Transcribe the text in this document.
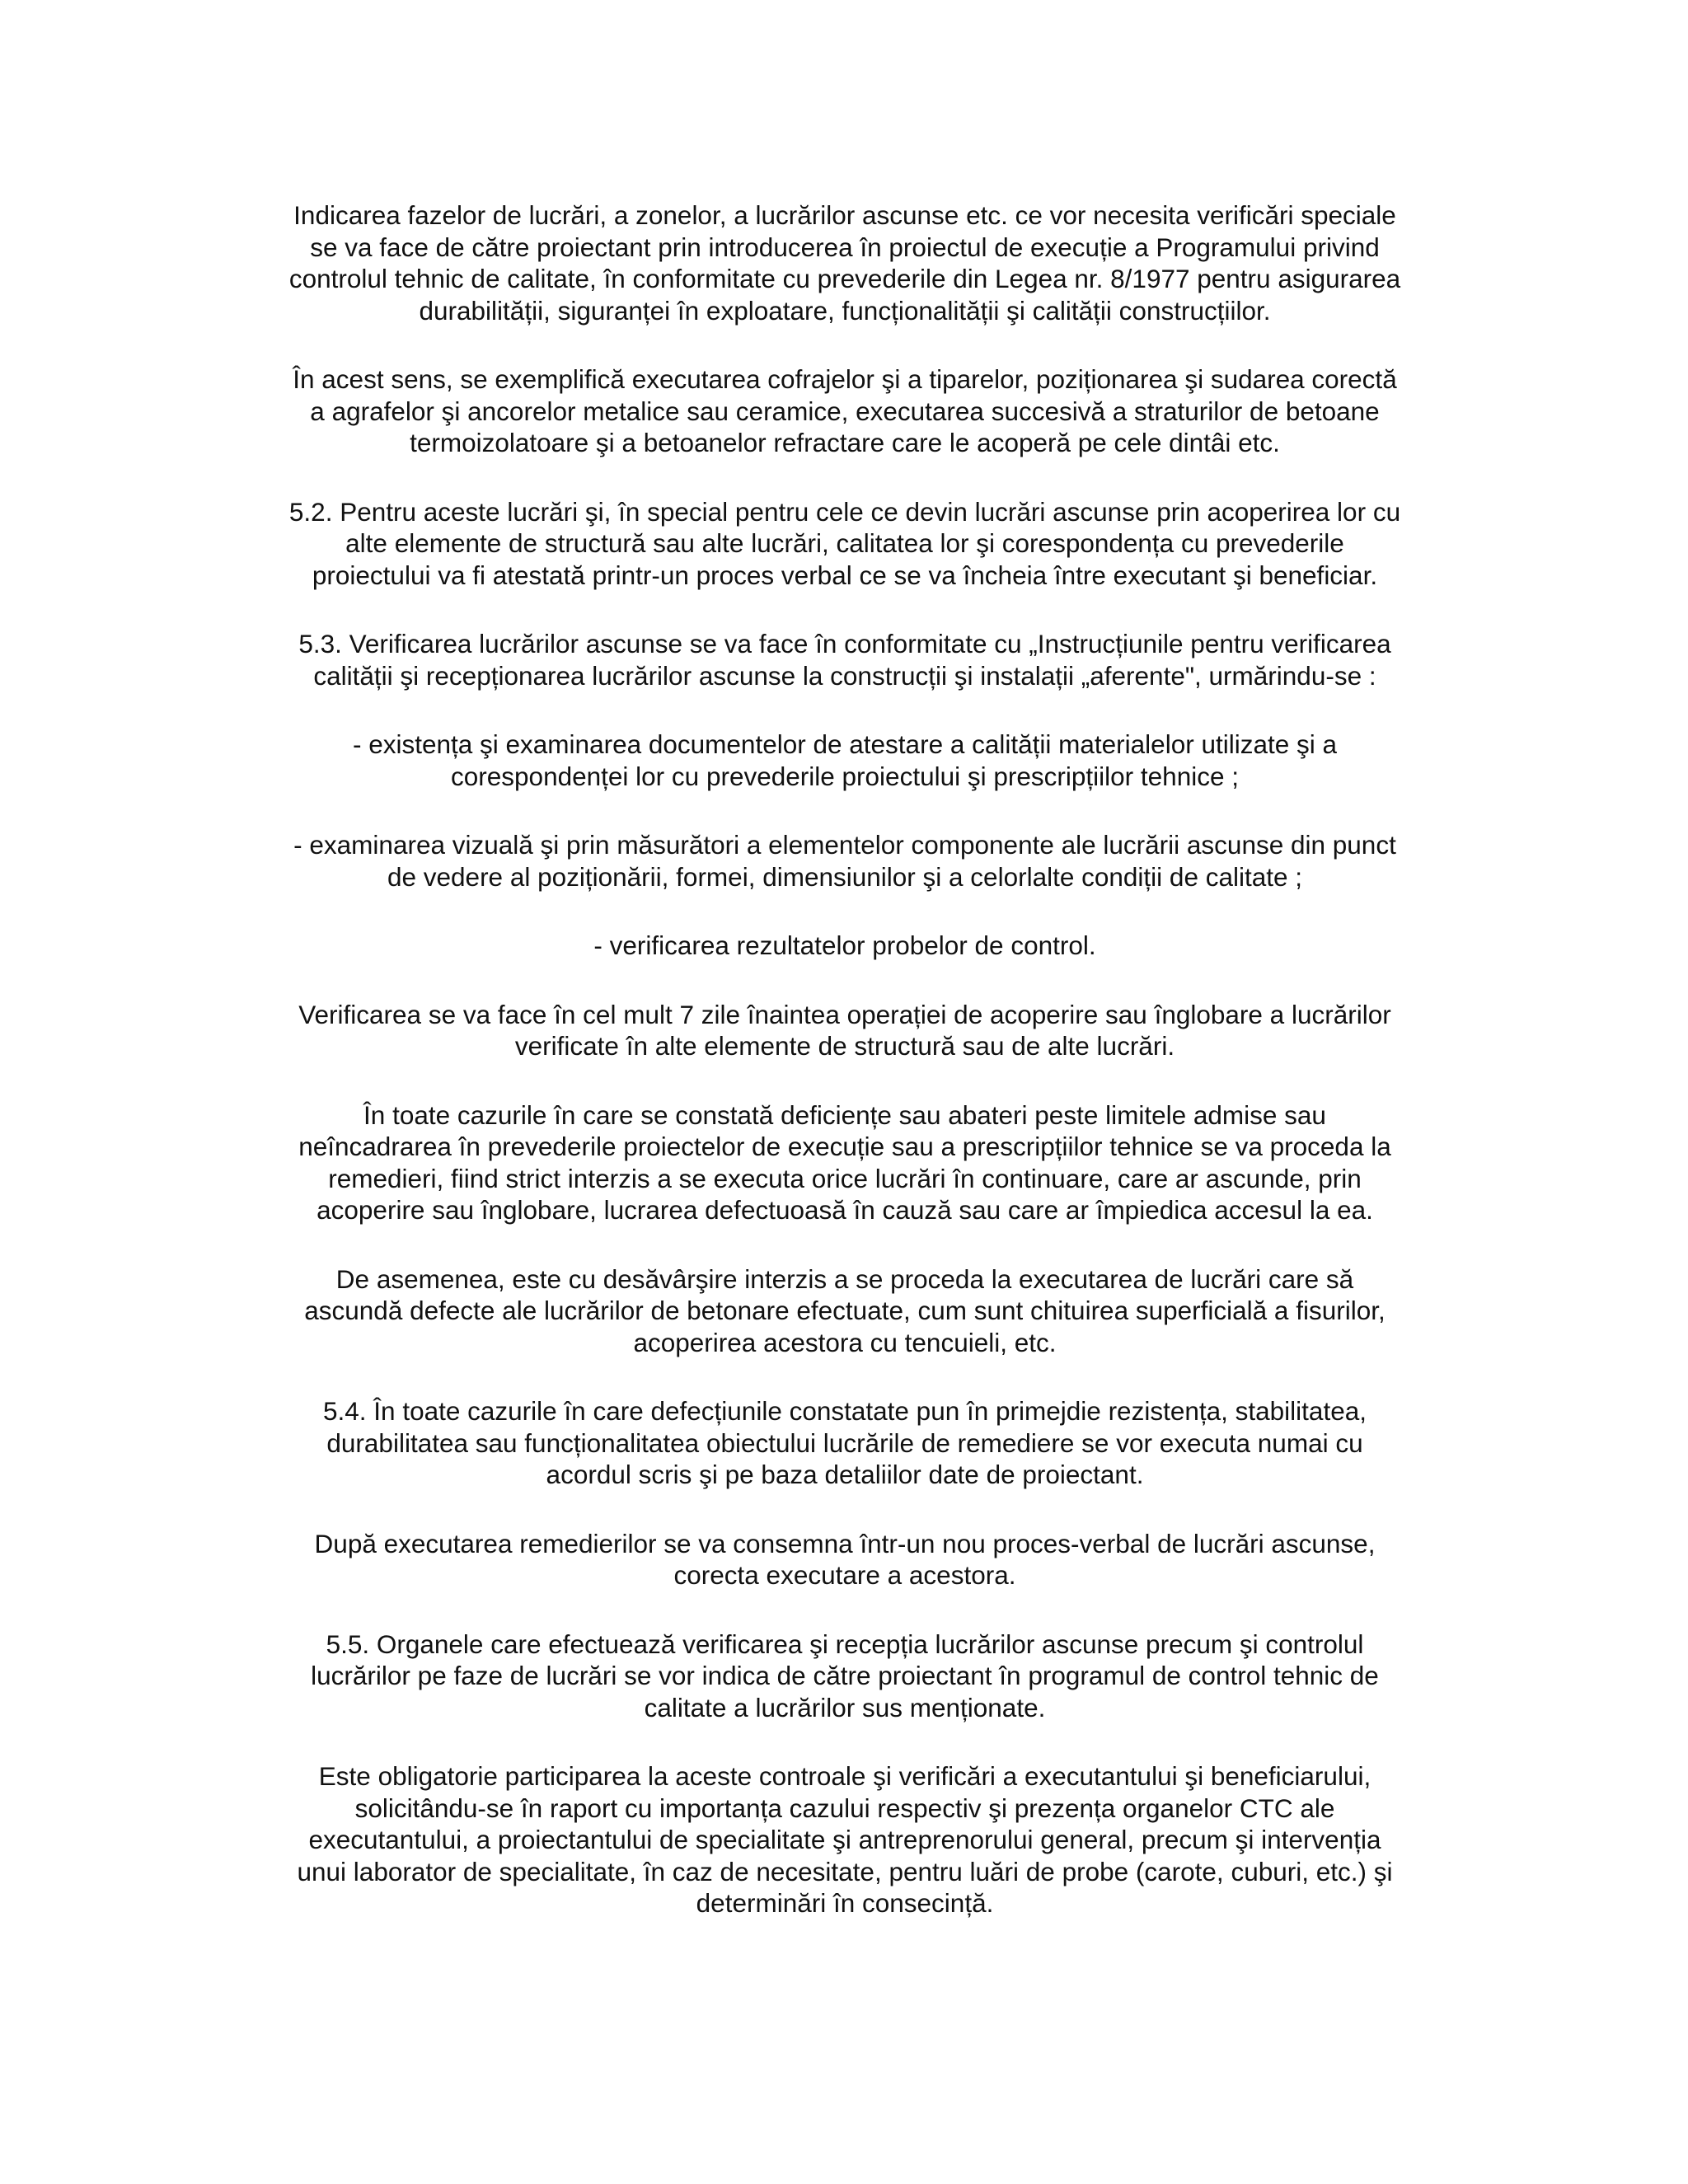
Indicarea fazelor de lucrări, a zonelor, a lucrărilor ascunse etc. ce vor necesita verificări speciale
se va face de către proiectant prin introducerea în proiectul de execuție a Programului privind
controlul tehnic de calitate, în conformitate cu prevederile din Legea nr. 8/1977 pentru asigurarea
durabilității, siguranței în exploatare, funcționalității şi calității construcțiilor.

În acest sens, se exemplifică executarea cofrajelor şi a tiparelor, poziționarea şi sudarea corectă
a agrafelor şi ancorelor metalice sau ceramice, executarea succesivă a straturilor de betoane
termoizolatoare şi a betoanelor refractare care le acoperă pe cele dintâi etc.

5.2. Pentru aceste lucrări şi, în special pentru cele ce devin lucrări ascunse prin acoperirea lor cu
alte elemente de structură sau alte lucrări, calitatea lor şi corespondența cu prevederile
proiectului va fi atestată printr-un proces verbal ce se va încheia între executant şi beneficiar.

5.3. Verificarea lucrărilor ascunse se va face în conformitate cu „Instrucțiunile pentru verificarea
calității şi recepționarea lucrărilor ascunse la construcții şi instalații „aferente", urmărindu-se :

- existența şi examinarea documentelor de atestare a calității materialelor utilizate şi a
corespondenței lor cu prevederile proiectului şi prescripțiilor tehnice ;

- examinarea vizuală şi prin măsurători a elementelor componente ale lucrării ascunse din punct
de vedere al poziționării, formei, dimensiunilor şi a celorlalte condiții de calitate ;

- verificarea rezultatelor probelor de control.

Verificarea se va face în cel mult 7 zile înaintea operației de acoperire sau înglobare a lucrărilor
verificate în alte elemente de structură sau de alte lucrări.

În toate cazurile în care se constată deficiențe sau abateri peste limitele admise sau
neîncadrarea în prevederile proiectelor de execuție sau a prescripțiilor tehnice se va proceda la
remedieri, fiind strict interzis a se executa orice lucrări în continuare, care ar ascunde, prin
acoperire sau înglobare, lucrarea defectuoasă în cauză sau care ar împiedica accesul la ea.

De asemenea, este cu desăvârşire interzis a se proceda la executarea de lucrări care să
ascundă defecte ale lucrărilor de betonare efectuate, cum sunt chituirea superficială a fisurilor,
acoperirea acestora cu tencuieli, etc.

5.4. În toate cazurile în care defecțiunile constatate pun în primejdie rezistența, stabilitatea,
durabilitatea sau funcționalitatea obiectului lucrările de remediere se vor executa numai cu
acordul scris şi pe baza detaliilor date de proiectant.

După executarea remedierilor se va consemna într-un nou proces-verbal de lucrări ascunse,
corecta executare a acestora.

5.5. Organele care efectuează verificarea şi recepția lucrărilor ascunse precum şi controlul
lucrărilor pe faze de lucrări se vor indica de către proiectant în programul de control tehnic de
calitate a lucrărilor sus menționate.

Este obligatorie participarea la aceste controale şi verificări a executantului şi beneficiarului,
solicitându-se în raport cu importanța cazului respectiv şi prezența organelor CTC ale
executantului, a proiectantului de specialitate şi antreprenorului general, precum şi intervenția
unui laborator de specialitate, în caz de necesitate, pentru luări de probe (carote, cuburi, etc.) şi
determinări în consecință.
